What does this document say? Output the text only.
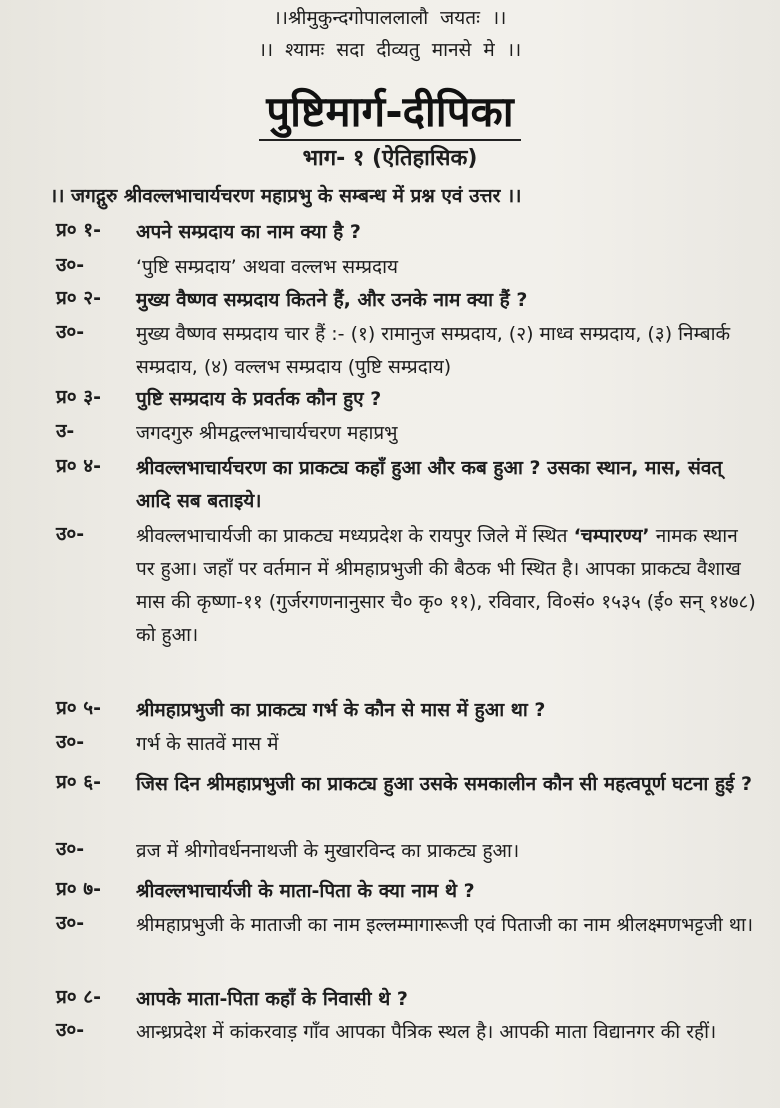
।।श्रीमुकुन्दगोपाललालौ जयतः ।।
।। श्यामः सदा दीव्यतु मानसे मे ।।
पुष्टिमार्ग-दीपिका
भाग- १ (ऐतिहासिक)
।। जगद्गुरु श्रीवल्लभाचार्यचरण महाप्रभु के सम्बन्ध में प्रश्न एवं उत्तर ।।
प्र० १- अपने सम्प्रदाय का नाम क्या है ?
उ०-	‘पुष्टि सम्प्रदाय’ अथवा वल्लभ सम्प्रदाय
प्र० २- मुख्य वैष्णव सम्प्रदाय कितने हैं, और उनके नाम क्या हैं ?
उ०-	मुख्य वैष्णव सम्प्रदाय चार हैं :- (१) रामानुज सम्प्रदाय, (२) माध्व सम्प्रदाय, (३) निम्बार्क सम्प्रदाय, (४) वल्लभ सम्प्रदाय (पुष्टि सम्प्रदाय)
प्र० ३- पुष्टि सम्प्रदाय के प्रवर्तक कौन हुए ?
उ-	जगदगुरु श्रीमद्वल्लभाचार्यचरण महाप्रभु
प्र० ४- श्रीवल्लभाचार्यचरण का प्राकट्य कहाँ हुआ और कब हुआ ? उसका स्थान, मास, संवत् आदि सब बताइये।
उ०-	श्रीवल्लभाचार्यजी का प्राकट्य मध्यप्रदेश के रायपुर जिले में स्थित ‘चम्पारण्य’ नामक स्थान पर हुआ। जहाँ पर वर्तमान में श्रीमहाप्रभुजी की बैठक भी स्थित है। आपका प्राकट्य वैशाख मास की कृष्णा-११ (गुर्जरगणनानुसार चै० कृ० ११), रविवार, वि०सं० १५३५ (ई० सन् १४७८) को हुआ।
प्र० ५- श्रीमहाप्रभुजी का प्राकट्य गर्भ के कौन से मास में हुआ था ?
उ०-	गर्भ के सातवें मास में
प्र० ६- जिस दिन श्रीमहाप्रभुजी का प्राकट्य हुआ उसके समकालीन कौन सी महत्वपूर्ण घटना हुई ?
उ०-	व्रज में श्रीगोवर्धननाथजी के मुखारविन्द का प्राकट्य हुआ।
प्र० ७- श्रीवल्लभाचार्यजी के माता-पिता के क्या नाम थे ?
उ०-	श्रीमहाप्रभुजी के माताजी का नाम इल्लम्मागारूजी एवं पिताजी का नाम श्रीलक्ष्मणभट्टजी था।
प्र० ८- आपके माता-पिता कहाँ के निवासी थे ?
उ०-	आन्ध्रप्रदेश में कांकरवाड़ गाँव आपका पैत्रिक स्थल है। आपकी माता विद्यानगर की रहीं।
